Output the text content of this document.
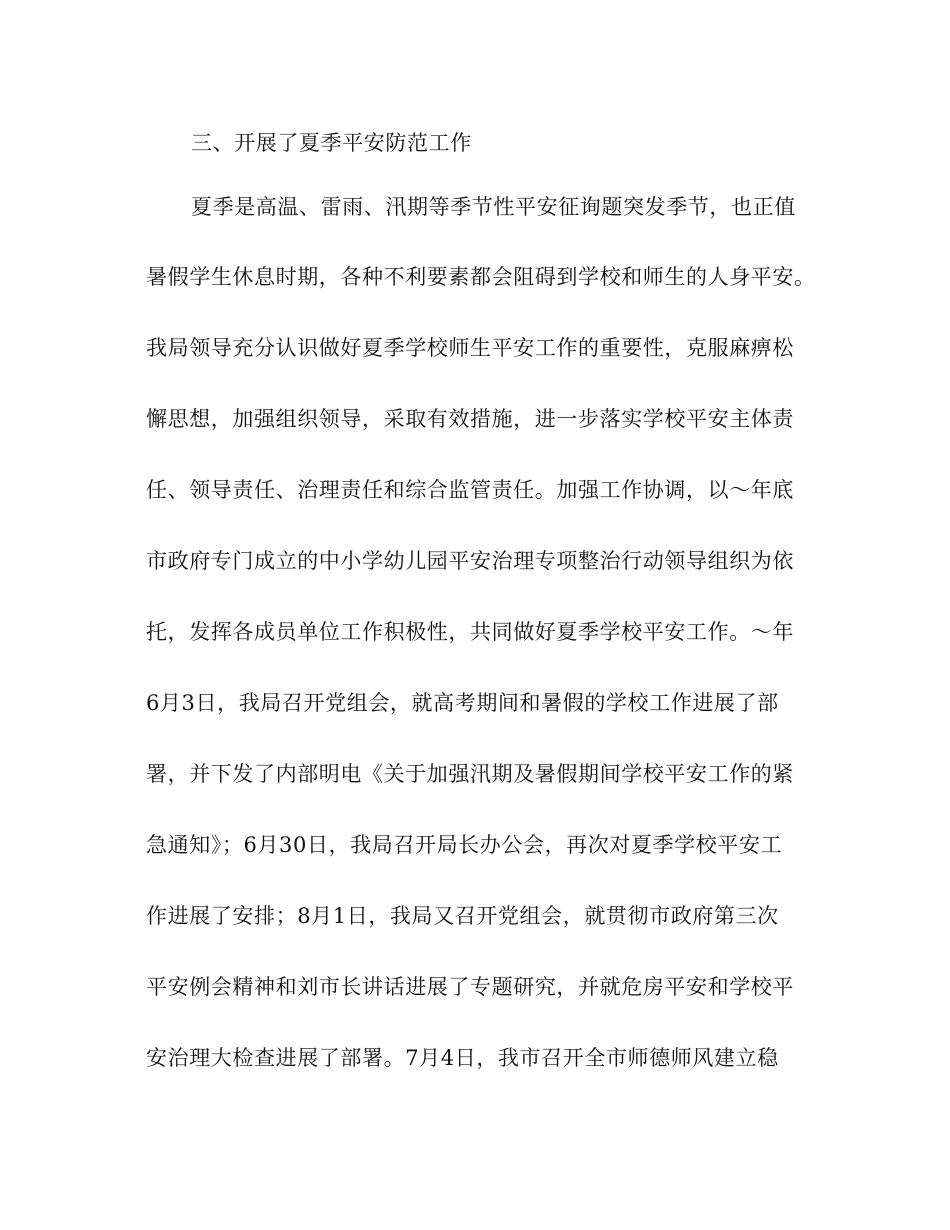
三、开展了夏季平安防范工作
夏季是高温、雷雨、汛期等季节性平安征询题突发季节，也正值
暑假学生休息时期，各种不利要素都会阻碍到学校和师生的人身平安。
我局领导充分认识做好夏季学校师生平安工作的重要性，克服麻痹松
懈思想，加强组织领导，采取有效措施，进一步落实学校平安主体责
任、领导责任、治理责任和综合监管责任。加强工作协调，以～年底
市政府专门成立的中小学幼儿园平安治理专项整治行动领导组织为依
托，发挥各成员单位工作积极性，共同做好夏季学校平安工作。～年
6月3日，我局召开党组会，就高考期间和暑假的学校工作进展了部
署，并下发了内部明电《关于加强汛期及暑假期间学校平安工作的紧
急通知》；6月30日，我局召开局长办公会，再次对夏季学校平安工
作进展了安排；8月1日，我局又召开党组会，就贯彻市政府第三次
平安例会精神和刘市长讲话进展了专题研究，并就危房平安和学校平
安治理大检查进展了部署。7月4日，我市召开全市师德师风建立稳
